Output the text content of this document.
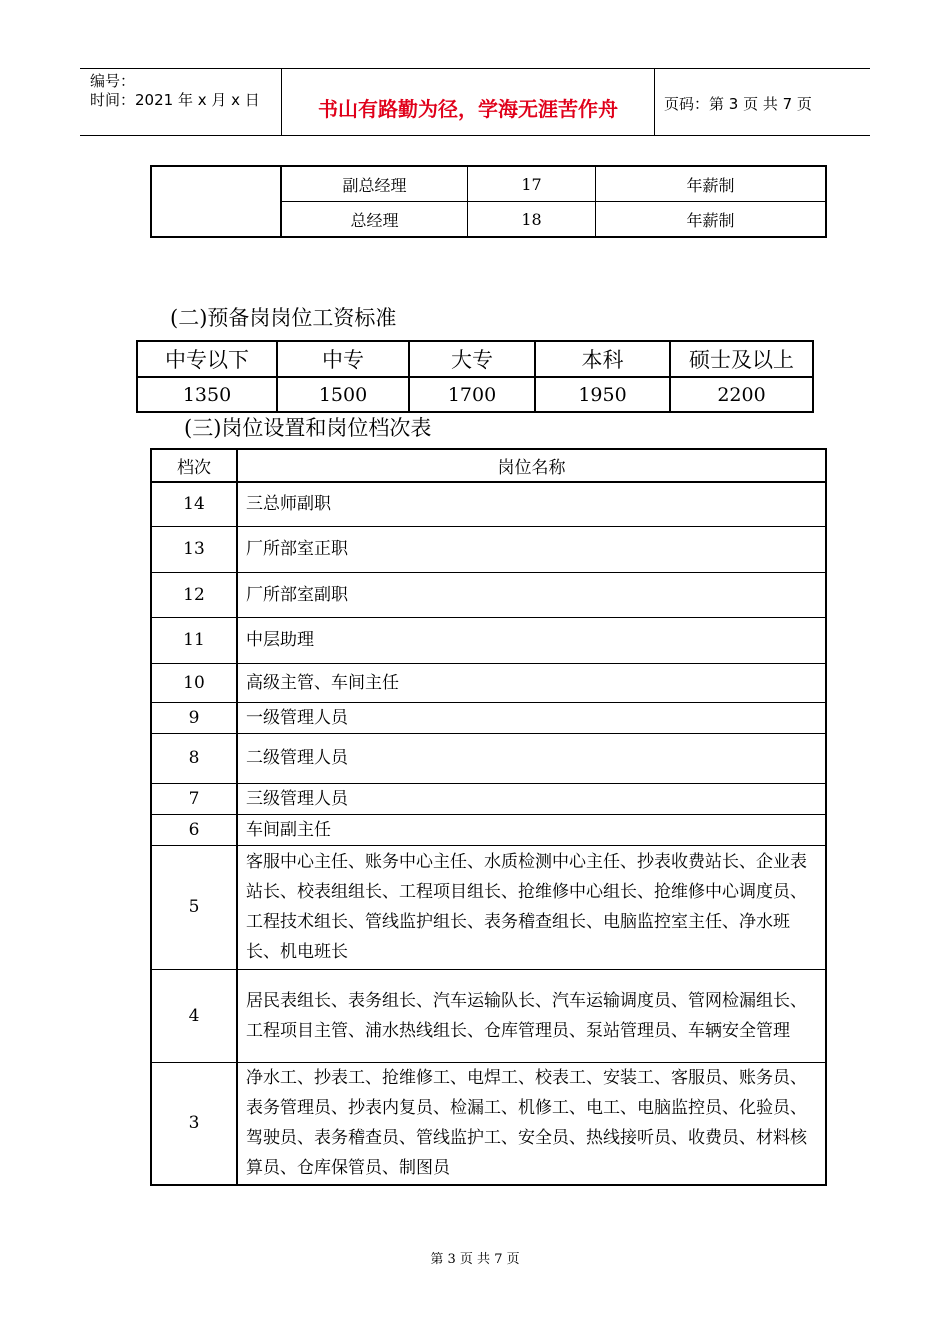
编号：
时间：2021 年 x 月 x 日	书山有路勤为径，学海无涯苦作舟	页码：第 3 页 共 7 页
	副总经理	17	年薪制
	总经理	18	年薪制
(二)预备岗岗位工资标准
中专以下	中专	大专	本科	硕士及以上
1350	1500	1700	1950	2200
(三)岗位设置和岗位档次表
档次	岗位名称
14	三总师副职
13	厂所部室正职
12	厂所部室副职
11	中层助理
10	高级主管、车间主任
9	一级管理人员
8	二级管理人员
7	三级管理人员
6	车间副主任
5	客服中心主任、账务中心主任、水质检测中心主任、抄表收费站长、企业表站长、校表组组长、工程项目组长、抢维修中心组长、抢维修中心调度员、工程技术组长、管线监护组长、表务稽查组长、电脑监控室主任、净水班长、机电班长
4	居民表组长、表务组长、汽车运输队长、汽车运输调度员、管网检漏组长、工程项目主管、浦水热线组长、仓库管理员、泵站管理员、车辆安全管理
3	净水工、抄表工、抢维修工、电焊工、校表工、安装工、客服员、账务员、表务管理员、抄表内复员、检漏工、机修工、电工、电脑监控员、化验员、驾驶员、表务稽查员、管线监护工、安全员、热线接听员、收费员、材料核算员、仓库保管员、制图员
第 3 页 共 7 页
